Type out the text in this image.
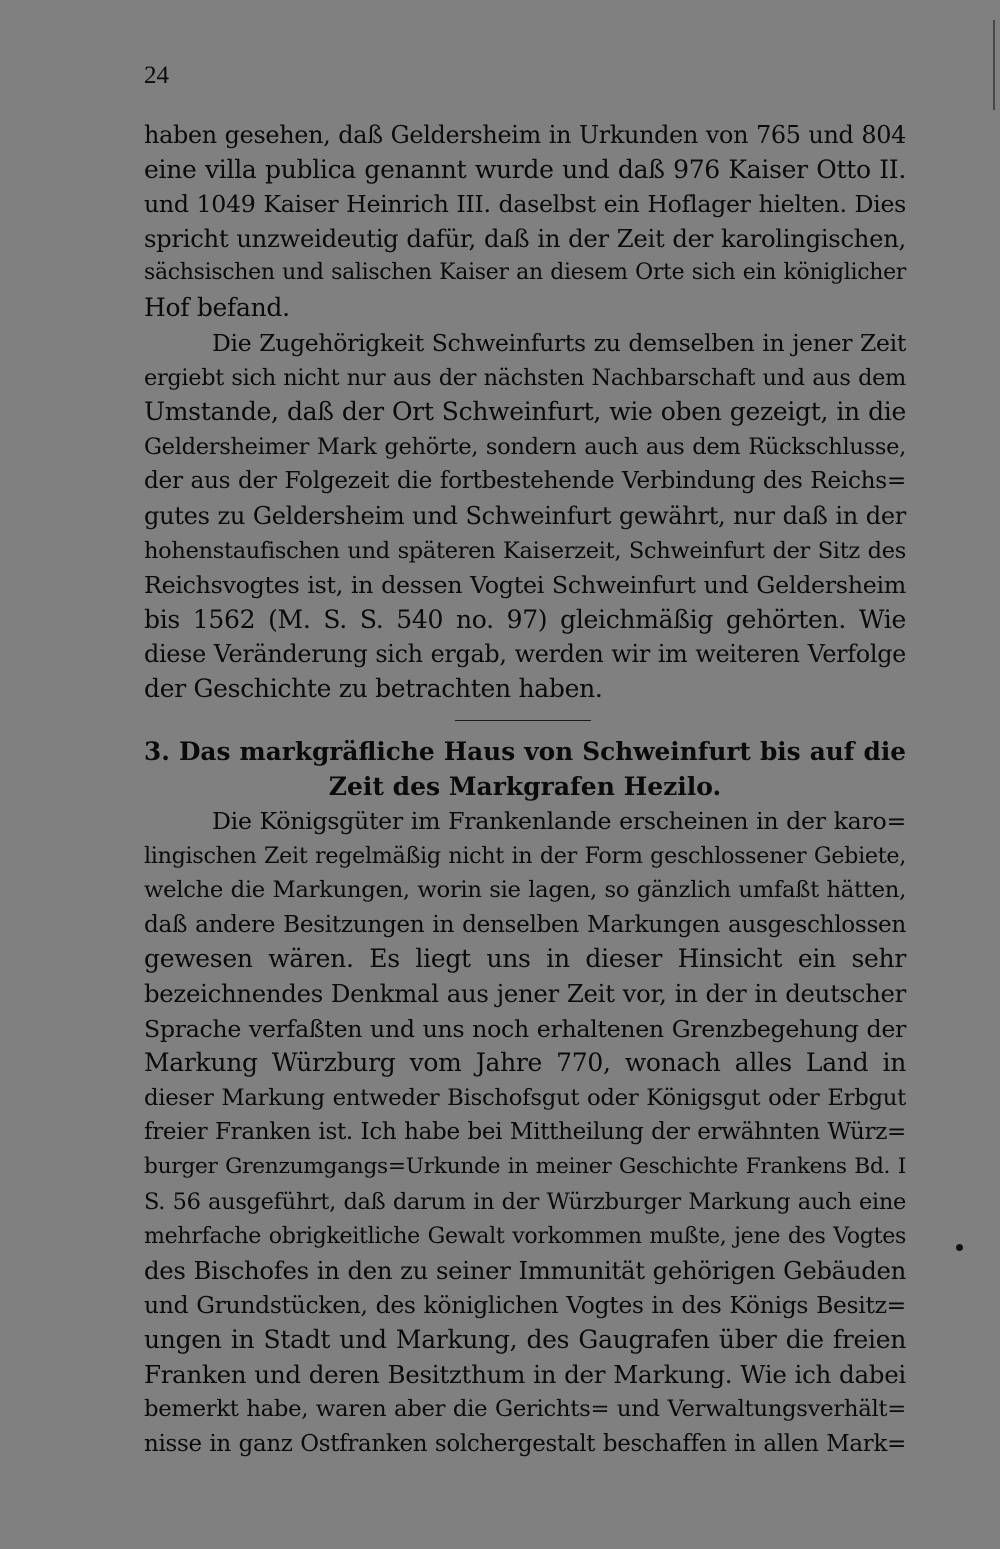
24
haben gesehen, daß Geldersheim in Urkunden von 765 und 804
eine villa publica genannt wurde und daß 976 Kaiser Otto II.
und 1049 Kaiser Heinrich III. daselbst ein Hoflager hielten. Dies
spricht unzweideutig dafür, daß in der Zeit der karolingischen,
sächsischen und salischen Kaiser an diesem Orte sich ein königlicher
Hof befand.
Die Zugehörigkeit Schweinfurts zu demselben in jener Zeit
ergiebt sich nicht nur aus der nächsten Nachbarschaft und aus dem
Umstande, daß der Ort Schweinfurt, wie oben gezeigt, in die
Geldersheimer Mark gehörte, sondern auch aus dem Rückschlusse,
der aus der Folgezeit die fortbestehende Verbindung des Reichs=
gutes zu Geldersheim und Schweinfurt gewährt, nur daß in der
hohenstaufischen und späteren Kaiserzeit, Schweinfurt der Sitz des
Reichsvogtes ist, in dessen Vogtei Schweinfurt und Geldersheim
bis 1562 (M. S. S. 540 no. 97) gleichmäßig gehörten. Wie
diese Veränderung sich ergab, werden wir im weiteren Verfolge
der Geschichte zu betrachten haben.
3. Das markgräfliche Haus von Schweinfurt bis auf die
Zeit des Markgrafen Hezilo.
Die Königsgüter im Frankenlande erscheinen in der karo=
lingischen Zeit regelmäßig nicht in der Form geschlossener Gebiete,
welche die Markungen, worin sie lagen, so gänzlich umfaßt hätten,
daß andere Besitzungen in denselben Markungen ausgeschlossen
gewesen wären. Es liegt uns in dieser Hinsicht ein sehr
bezeichnendes Denkmal aus jener Zeit vor, in der in deutscher
Sprache verfaßten und uns noch erhaltenen Grenzbegehung der
Markung Würzburg vom Jahre 770, wonach alles Land in
dieser Markung entweder Bischofsgut oder Königsgut oder Erbgut
freier Franken ist. Ich habe bei Mittheilung der erwähnten Würz=
burger Grenzumgangs=Urkunde in meiner Geschichte Frankens Bd. I
S. 56 ausgeführt, daß darum in der Würzburger Markung auch eine
mehrfache obrigkeitliche Gewalt vorkommen mußte, jene des Vogtes
des Bischofes in den zu seiner Immunität gehörigen Gebäuden
und Grundstücken, des königlichen Vogtes in des Königs Besitz=
ungen in Stadt und Markung, des Gaugrafen über die freien
Franken und deren Besitzthum in der Markung. Wie ich dabei
bemerkt habe, waren aber die Gerichts= und Verwaltungsverhält=
nisse in ganz Ostfranken solchergestalt beschaffen in allen Mark=
